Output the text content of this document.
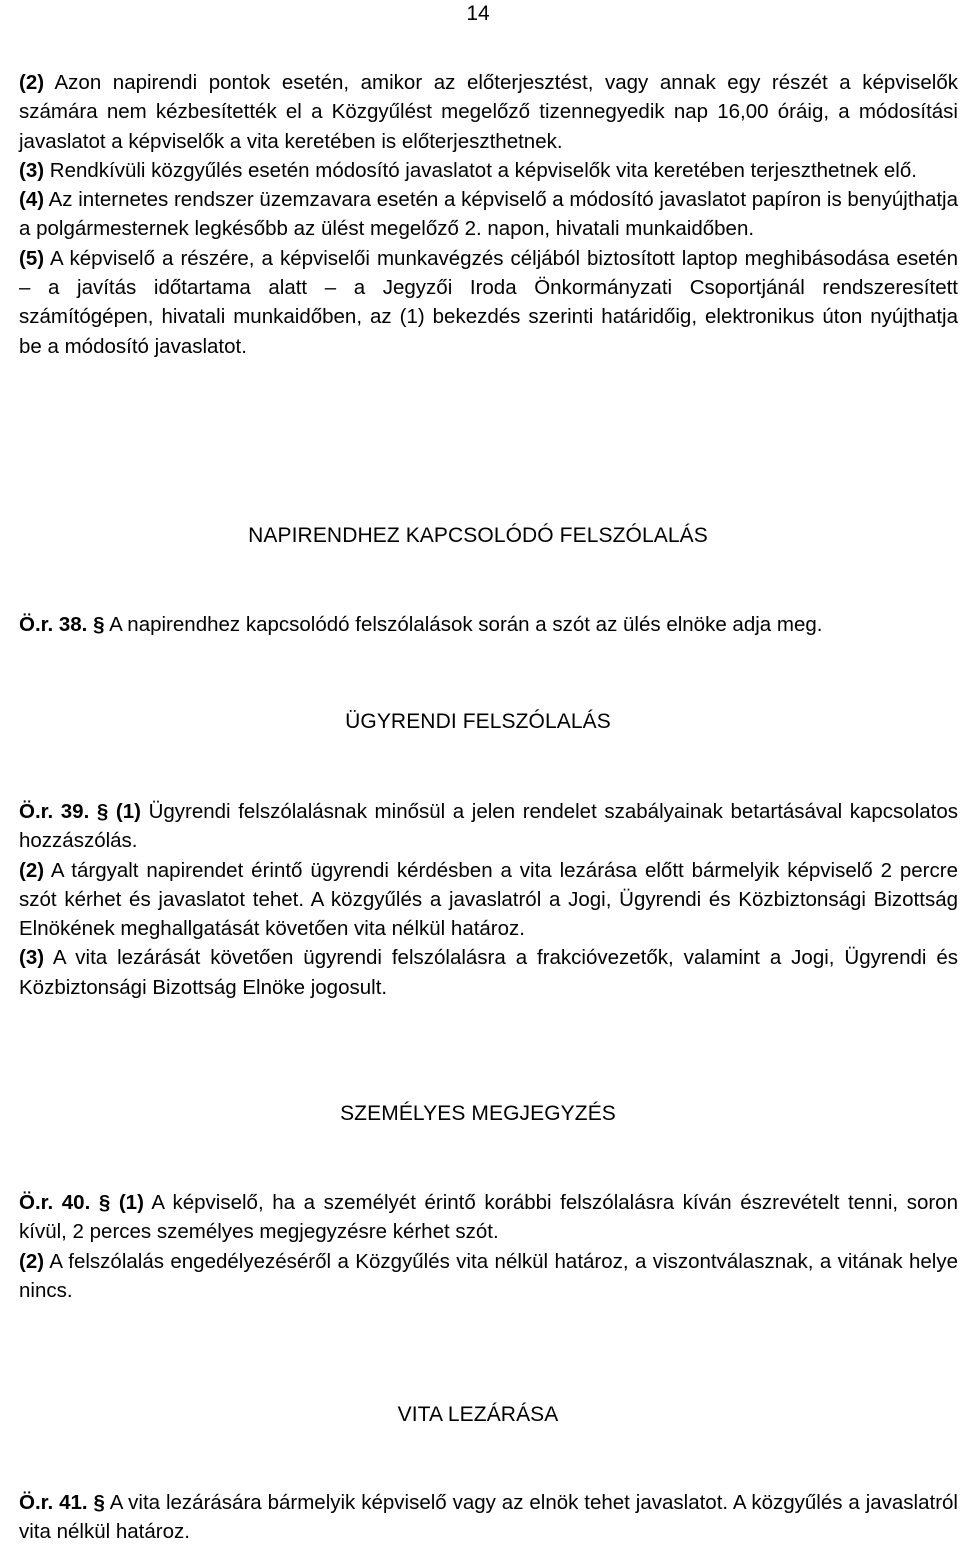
14

(2) Azon napirendi pontok esetén, amikor az előterjesztést, vagy annak egy részét a képviselők számára nem kézbesítették el a Közgyűlést megelőző tizennegyedik nap 16,00 óráig, a módosítási javaslatot a képviselők a vita keretében is előterjeszthetnek.

(3) Rendkívüli közgyűlés esetén módosító javaslatot a képviselők vita keretében terjeszthetnek elő.

(4) Az internetes rendszer üzemzavara esetén a képviselő a módosító javaslatot papíron is benyújthatja a polgármesternek legkésőbb az ülést megelőző 2. napon, hivatali munkaidőben.

(5) A képviselő a részére, a képviselői munkavégzés céljából biztosított laptop meghibásodása esetén – a javítás időtartama alatt – a Jegyzői Iroda Önkormányzati Csoportjánál rendszeresített számítógépen, hivatali munkaidőben, az (1) bekezdés szerinti határidőig, elektronikus úton nyújthatja be a módosító javaslatot.

NAPIRENDHEZ KAPCSOLÓDÓ FELSZÓLALÁS

Ö.r. 38. § A napirendhez kapcsolódó felszólalások során a szót az ülés elnöke adja meg.

ÜGYRENDI FELSZÓLALÁS

Ö.r. 39. § (1) Ügyrendi felszólalásnak minősül a jelen rendelet szabályainak betartásával kapcsolatos hozzászólás.

(2) A tárgyalt napirendet érintő ügyrendi kérdésben a vita lezárása előtt bármelyik képviselő 2 percre szót kérhet és javaslatot tehet. A közgyűlés a javaslatról a Jogi, Ügyrendi és Közbiztonsági Bizottság Elnökének meghallgatását követően vita nélkül határoz.

(3) A vita lezárását követően ügyrendi felszólalásra a frakcióvezetők, valamint a Jogi, Ügyrendi és Közbiztonsági Bizottság Elnöke jogosult.

SZEMÉLYES MEGJEGYZÉS

Ö.r. 40. § (1) A képviselő, ha a személyét érintő korábbi felszólalásra kíván észrevételt tenni, soron kívül, 2 perces személyes megjegyzésre kérhet szót.

(2) A felszólalás engedélyezéséről a Közgyűlés vita nélkül határoz, a viszontválasznak, a vitának helye nincs.

VITA LEZÁRÁSA

Ö.r. 41. § A vita lezárására bármelyik képviselő vagy az elnök tehet javaslatot. A közgyűlés a javaslatról vita nélkül határoz.
